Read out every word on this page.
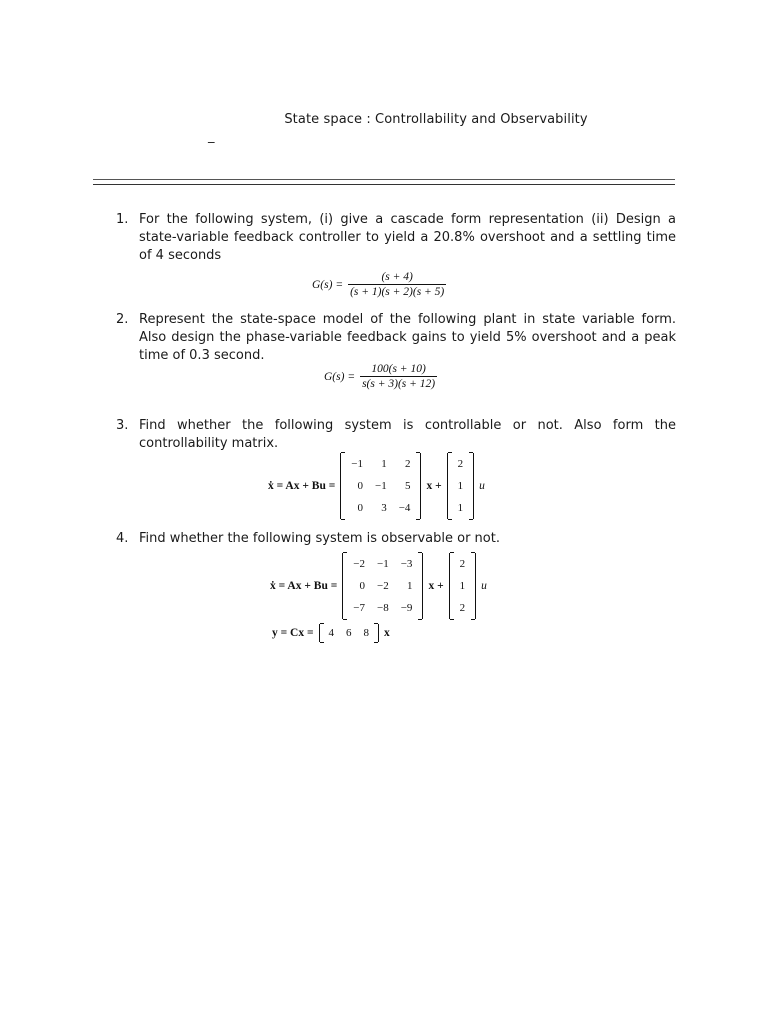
State space : Controllability and Observability
_
1. For the following system, (i) give a cascade form representation (ii) Design a state-variable feedback controller to yield a 20.8% overshoot and a settling time of 4 seconds
$G(s) = \frac{(s + 4)}{(s + 1)(s + 2)(s + 5)}$
2. Represent the state-space model of the following plant in state variable form. Also design the phase-variable feedback gains to yield 5% overshoot and a peak time of 0.3 second.
$G(s) = \frac{100(s + 10)}{s(s + 3)(s + 12)}$
3. Find whether the following system is controllable or not. Also form the controllability matrix.
ẋ = Ax + Bu =
−1	1	2
0	−1	5
0	3	−4
x +
2
1
1
u
4. Find whether the following system is observable or not.
ẋ = Ax + Bu =
−2	−1	−3
0	−2	1
−7	−8	−9
x +
2
1
2
u
y = Cx = 4	6	8 x
